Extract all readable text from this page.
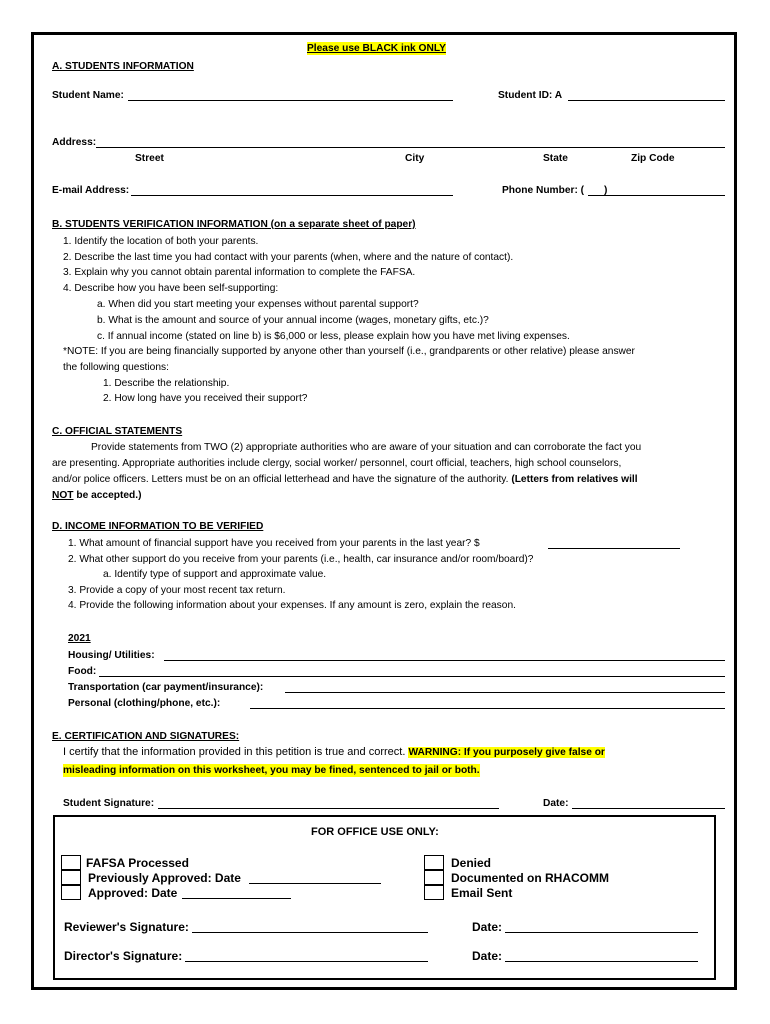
Please use BLACK ink ONLY
A. STUDENTS INFORMATION
Student Name:	Student ID: A
Address:
Street	City	State	Zip Code
E-mail Address:	Phone Number: ( )
B. STUDENTS VERIFICATION INFORMATION (on a separate sheet of paper)
1. Identify the location of both your parents.
2. Describe the last time you had contact with your parents (when, where and the nature of contact).
3. Explain why you cannot obtain parental information to complete the FAFSA.
4. Describe how you have been self-supporting:
a. When did you start meeting your expenses without parental support?
b. What is the amount and source of your annual income (wages, monetary gifts, etc.)?
c. If annual income (stated on line b) is $6,000 or less, please explain how you have met living expenses.
*NOTE: If you are being financially supported by anyone other than yourself (i.e., grandparents or other relative) please answer
the following questions:
1. Describe the relationship.
2. How long have you received their support?
C. OFFICIAL STATEMENTS
Provide statements from TWO (2) appropriate authorities who are aware of your situation and can corroborate the fact you
are presenting. Appropriate authorities include clergy, social worker/ personnel, court official, teachers, high school counselors,
and/or police officers. Letters must be on an official letterhead and have the signature of the authority. (Letters from relatives will
NOT be accepted.)
D. INCOME INFORMATION TO BE VERIFIED
1. What amount of financial support have you received from your parents in the last year? $
2. What other support do you receive from your parents (i.e., health, car insurance and/or room/board)?
a. Identify type of support and approximate value.
3. Provide a copy of your most recent tax return.
4. Provide the following information about your expenses. If any amount is zero, explain the reason.
2021
Housing/ Utilities:
Food:
Transportation (car payment/insurance):
Personal (clothing/phone, etc.):
E. CERTIFICATION AND SIGNATURES:
I certify that the information provided in this petition is true and correct. WARNING: If you purposely give false or
misleading information on this worksheet, you may be fined, sentenced to jail or both.
Student Signature:	Date:
FOR OFFICE USE ONLY:
FAFSA Processed
Previously Approved: Date
Approved: Date
Denied
Documented on RHACOMM
Email Sent
Reviewer's Signature:	Date:
Director's Signature:	Date:
